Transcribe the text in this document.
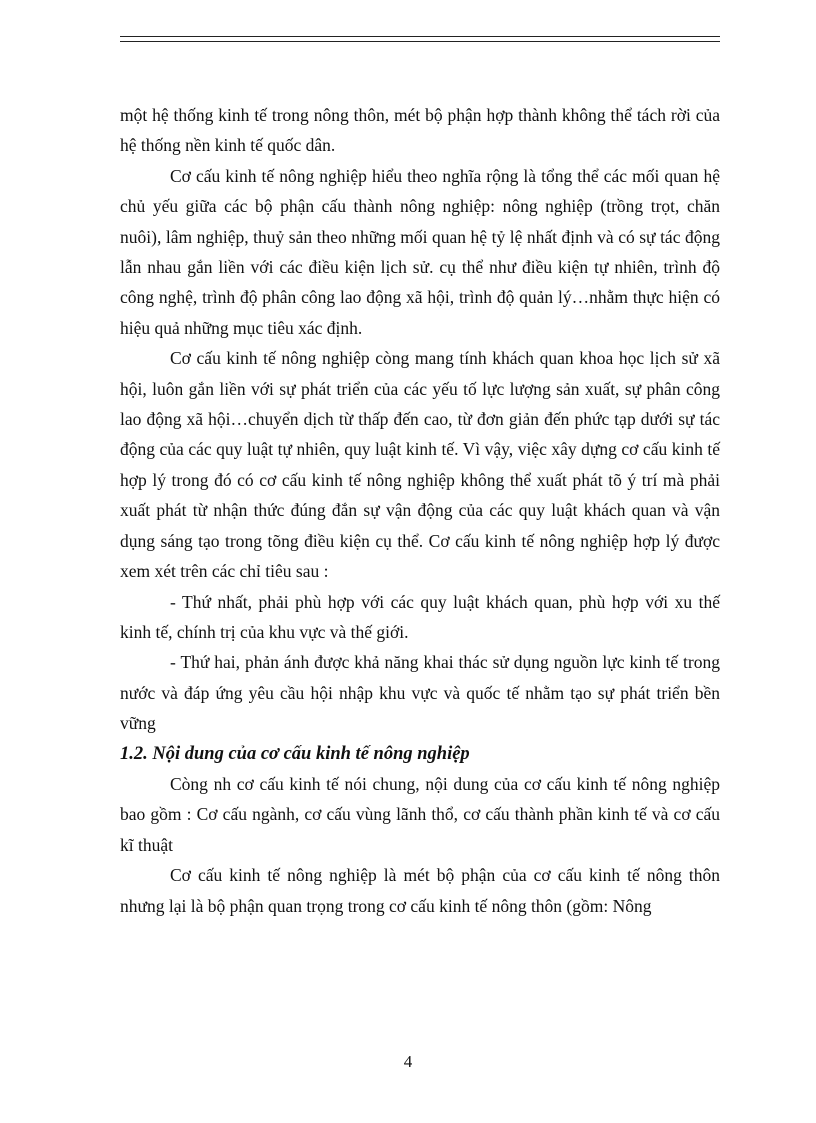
một hệ thống kinh tế trong nông thôn, mét bộ phận hợp thành không thể tách rời của hệ thống nền kinh tế quốc dân.

Cơ cấu kinh tế nông nghiệp hiểu theo nghĩa rộng là tổng thể các mối quan hệ chủ yếu giữa các bộ phận cấu thành nông nghiệp: nông nghiệp (trồng trọt, chăn nuôi), lâm nghiệp, thuỷ sản theo những mối quan hệ tỷ lệ nhất định và có sự tác động lẫn nhau gắn liền với các điều kiện lịch sử. cụ thể như điều kiện tự nhiên, trình độ công nghệ, trình độ phân công lao động xã hội, trình độ quản lý…nhằm thực hiện có hiệu quả những mục tiêu xác định.

Cơ cấu kinh tế nông nghiệp còng mang tính khách quan khoa học lịch sử xã hội, luôn gắn liền với sự phát triển của các yếu tố lực lượng sản xuất, sự phân công lao động xã hội…chuyển dịch từ thấp đến cao, từ đơn giản đến phức tạp dưới sự tác động của các quy luật tự nhiên, quy luật kinh tế. Vì vậy, việc xây dựng cơ cấu kinh tế hợp lý trong đó có cơ cấu kinh tế nông nghiệp không thể xuất phát tõ ý trí mà phải xuất phát từ nhận thức đúng đắn sự vận động của các quy luật khách quan và vận dụng sáng tạo trong tõng điều kiện cụ thể. Cơ cấu kinh tế nông nghiệp hợp lý được xem xét trên các chỉ tiêu sau :

- Thứ nhất, phải phù hợp với các quy luật khách quan, phù hợp với xu thế kinh tế, chính trị của khu vực và thế giới.

- Thứ hai, phản ánh được khả năng khai thác sử dụng nguồn lực kinh tế trong nước và đáp ứng yêu cầu hội nhập khu vực và quốc tế nhằm tạo sự phát triển bền vững

1.2. Nội dung của cơ cấu kinh tế nông nghiệp

Còng nh cơ cấu kinh tế nói chung, nội dung của cơ cấu kinh tế nông nghiệp bao gồm : Cơ cấu ngành, cơ cấu vùng lãnh thổ, cơ cấu thành phần kinh tế và cơ cấu kĩ thuật

Cơ cấu kinh tế nông nghiệp là mét bộ phận của cơ cấu kinh tế nông thôn nhưng lại là bộ phận quan trọng trong cơ cấu kinh tế nông thôn (gồm: Nông

4
